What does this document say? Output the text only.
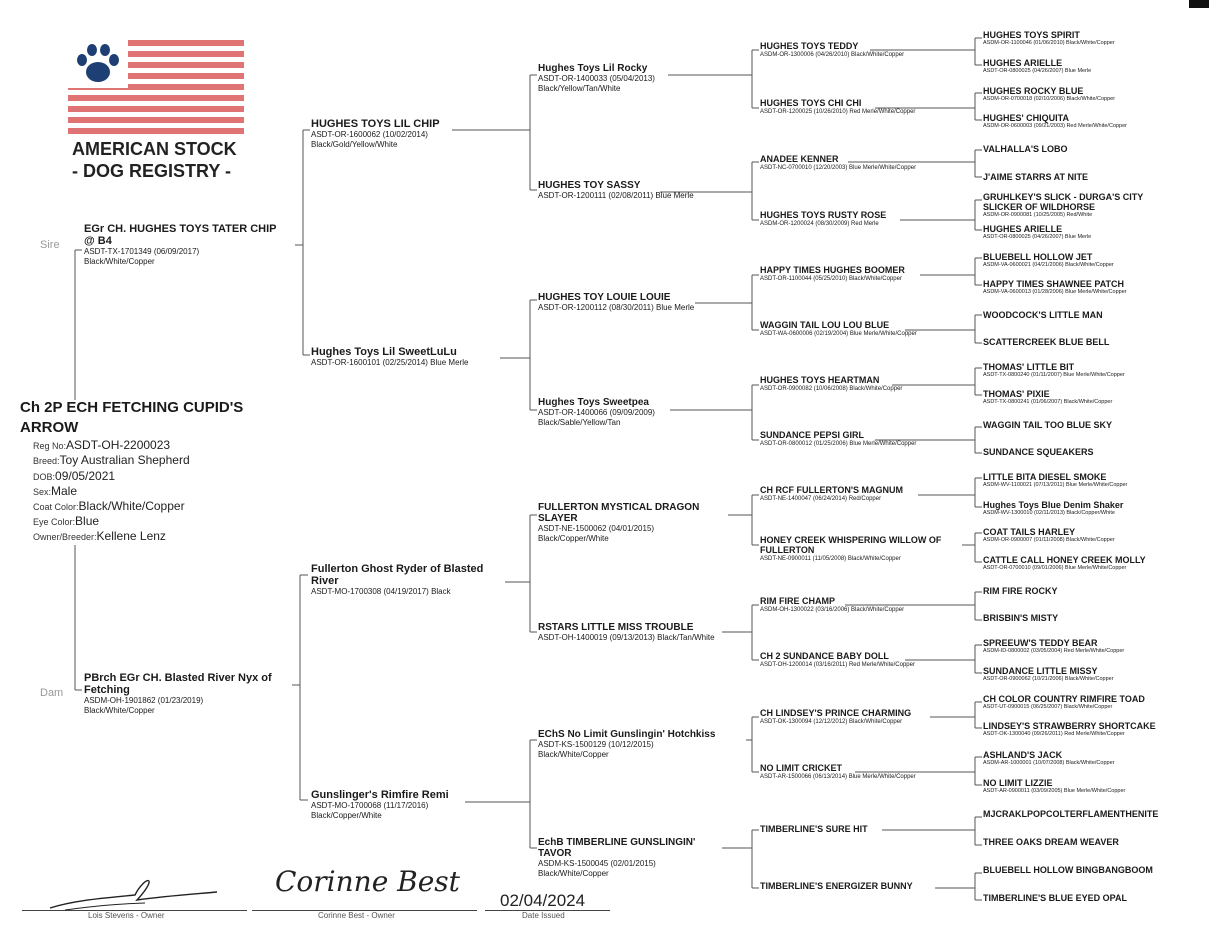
AMERICAN STOCK
- DOG REGISTRY -
Ch 2P ECH FETCHING CUPID'S
ARROW
Reg No:ASDT-OH-2200023
Breed:Toy Australian Shepherd
DOB:09/05/2021
Sex:Male
Coat Color:Black/White/Copper
Eye Color:Blue
Owner/Breeder:Kellene Lenz
Sire
Dam
EGr CH. HUGHES TOYS TATER CHIP
@ B4
ASDT-TX-1701349 (06/09/2017)
Black/White/Copper
PBrch EGr CH. Blasted River Nyx of
Fetching
ASDM-OH-1901862 (01/23/2019)
Black/White/Copper
HUGHES TOYS LIL CHIP
ASDT-OR-1600062 (10/02/2014)
Black/Gold/Yellow/White
Hughes Toys Lil SweetLuLu
ASDT-OR-1600101 (02/25/2014) Blue Merle
Fullerton Ghost Ryder of Blasted
River
ASDT-MO-1700308 (04/19/2017) Black
Gunslinger's Rimfire Remi
ASDT-MO-1700068 (11/17/2016)
Black/Copper/White
Hughes Toys Lil Rocky
ASDT-OR-1400033 (05/04/2013)
Black/Yellow/Tan/White
HUGHES TOY SASSY
ASDT-OR-1200111 (02/08/2011) Blue Merle
HUGHES TOY LOUIE LOUIE
ASDT-OR-1200112 (08/30/2011) Blue Merle
Hughes Toys Sweetpea
ASDT-OR-1400066 (09/09/2009)
Black/Sable/Yellow/Tan
FULLERTON MYSTICAL DRAGON
SLAYER
ASDT-NE-1500062 (04/01/2015)
Black/Copper/White
RSTARS LITTLE MISS TROUBLE
ASDT-OH-1400019 (09/13/2013) Black/Tan/White
EChS No Limit Gunslingin' Hotchkiss
ASDT-KS-1500129 (10/12/2015)
Black/White/Copper
EchB TIMBERLINE GUNSLINGIN'
TAVOR
ASDM-KS-1500045 (02/01/2015)
Black/White/Copper
HUGHES TOYS TEDDY
ASDM-OR-1300006 (04/26/2010) Black/White/Copper
HUGHES TOYS CHI CHI
ASDT-OR-1200025 (10/26/2010) Red Merle/White/Copper
ANADEE KENNER
ASDT-NC-0700010 (12/20/2003) Blue Merle/White/Copper
HUGHES TOYS RUSTY ROSE
ASDM-OR-1200024 (08/30/2009) Red Merle
HAPPY TIMES HUGHES BOOMER
ASDT-OR-1100044 (05/25/2010) Black/White/Copper
WAGGIN TAIL LOU LOU BLUE
ASDT-WA-0600006 (02/19/2004) Blue Merle/White/Copper
HUGHES TOYS HEARTMAN
ASDT-OR-0900082 (10/06/2008) Black/White/Copper
SUNDANCE PEPSI GIRL
ASDT-OR-0800012 (01/25/2006) Blue Merle/White/Copper
CH RCF FULLERTON'S MAGNUM
ASDT-NE-1400047 (06/24/2014) Red/Copper
HONEY CREEK WHISPERING WILLOW OF
FULLERTON
ASDT-NE-0900011 (11/05/2008) Black/White/Copper
RIM FIRE CHAMP
ASDM-OH-1300022 (03/16/2006) Black/White/Copper
CH 2 SUNDANCE BABY DOLL
ASDT-OH-1200014 (03/16/2011) Red Merle/White/Copper
CH LINDSEY'S PRINCE CHARMING
ASDT-OK-1300094 (12/12/2012) Black/White/Copper
NO LIMIT CRICKET
ASDT-AR-1500066 (06/13/2014) Blue Merle/White/Copper
TIMBERLINE'S SURE HIT
TIMBERLINE'S ENERGIZER BUNNY
HUGHES TOYS SPIRIT
ASDM-OR-1100046 (01/06/2010) Black/White/Copper
HUGHES ARIELLE
ASDT-OR-0800025 (04/26/2007) Blue Merle
HUGHES ROCKY BLUE
ASDM-OR-0700018 (02/10/2006) Black/White/Copper
HUGHES' CHIQUITA
ASDM-OR-0600003 (09/21/2003) Red Merle/White/Copper
VALHALLA'S LOBO
J'AIME STARRS AT NITE
GRUHLKEY'S SLICK - DURGA'S CITY
SLICKER OF WILDHORSE
ASDM-OR-0900081 (10/25/2005) Red/White
HUGHES ARIELLE
ASDT-OR-0800025 (04/26/2007) Blue Merle
BLUEBELL HOLLOW JET
ASDM-VA-0600021 (04/21/2006) Black/White/Copper
HAPPY TIMES SHAWNEE PATCH
ASDM-VA-0600013 (01/28/2006) Blue Merle/White/Copper
WOODCOCK'S LITTLE MAN
SCATTERCREEK BLUE BELL
THOMAS' LITTLE BIT
ASDT-TX-0800240 (01/11/2007) Blue Merle/White/Copper
THOMAS' PIXIE
ASDT-TX-0800241 (01/06/2007) Black/White/Copper
WAGGIN TAIL TOO BLUE SKY
SUNDANCE SQUEAKERS
LITTLE BITA DIESEL SMOKE
ASDM-WV-1100021 (07/13/2011) Blue Merle/White/Copper
Hughes Toys Blue Denim Shaker
ASDM-WV-1300010 (02/11/2013) Black/Copper/White
COAT TAILS HARLEY
ASDM-OR-0900007 (01/11/2008) Black/White/Copper
CATTLE CALL HONEY CREEK MOLLY
ASDT-OR-0700010 (09/01/2006) Blue Merle/White/Copper
RIM FIRE ROCKY
BRISBIN'S MISTY
SPREEUW'S TEDDY BEAR
ASDM-ID-0800002 (03/05/2004) Red Merle/White/Copper
SUNDANCE LITTLE MISSY
ASDT-OR-0900062 (10/21/2006) Black/White/Copper
CH COLOR COUNTRY RIMFIRE TOAD
ASDT-UT-0900015 (06/25/2007) Black/White/Copper
LINDSEY'S STRAWBERRY SHORTCAKE
ASDT-OK-1300040 (09/26/2011) Red Merle/White/Copper
ASHLAND'S JACK
ASDM-AR-1000001 (10/07/2008) Black/White/Copper
NO LIMIT LIZZIE
ASDT-AR-0900011 (03/09/2005) Blue Merle/White/Copper
MJCRAKLPOPCOLTERFLAMENTHENITE
THREE OAKS DREAM WEAVER
BLUEBELL HOLLOW BINGBANGBOOM
TIMBERLINE'S BLUE EYED OPAL
Lois Stevens - Owner
Corinne Best
Corinne Best - Owner
02/04/2024
Date Issued
